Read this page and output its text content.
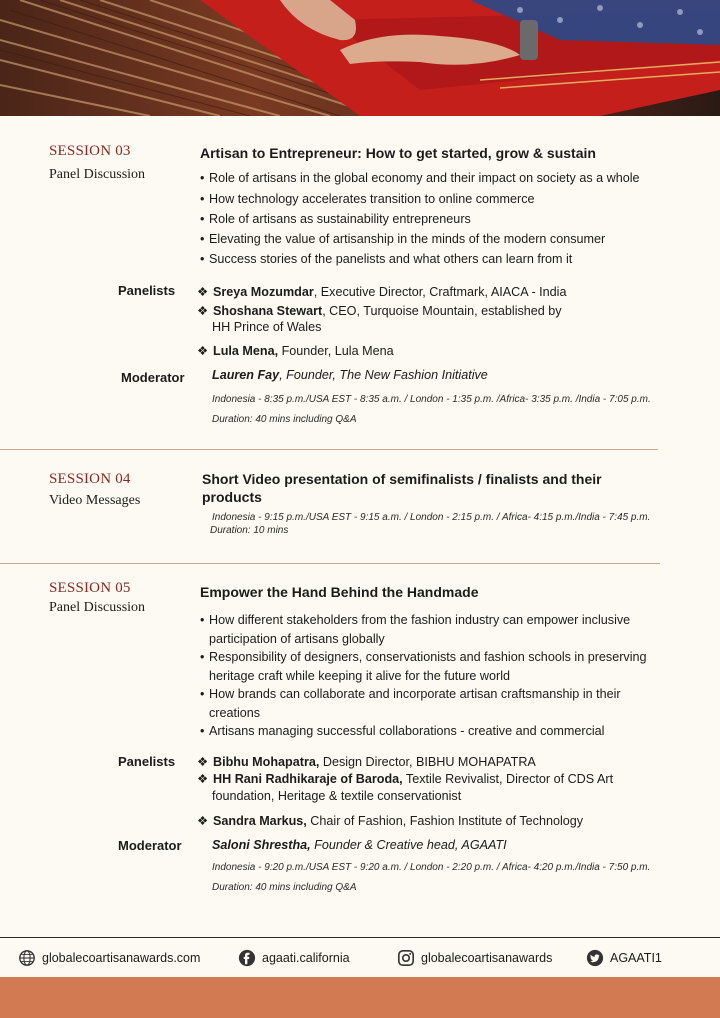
SESSION 03
Panel Discussion
Artisan to Entrepreneur: How to get started, grow & sustain
• Role of artisans in the global economy and their impact on society as a whole
• How technology accelerates transition to online commerce
• Role of artisans as sustainability entrepreneurs
• Elevating the value of artisanship in the minds of the modern consumer
• Success stories of the panelists and what others can learn from it
Panelists ❖ Sreya Mozumdar, Executive Director, Craftmark, AIACA - India
❖ Shoshana Stewart, CEO, Turquoise Mountain, established by
HH Prince of Wales
❖ Lula Mena, Founder, Lula Mena
Moderator Lauren Fay, Founder, The New Fashion Initiative
Indonesia - 8:35 p.m./USA EST - 8:35 a.m. / London - 1:35 p.m. /Africa- 3:35 p.m. /India - 7:05 p.m.
Duration: 40 mins including Q&A
SESSION 04
Video Messages
Short Video presentation of semifinalists / finalists and their
products
Indonesia - 9:15 p.m./USA EST - 9:15 a.m. / London - 2:15 p.m. / Africa- 4:15 p.m./India - 7:45 p.m.
Duration: 10 mins
SESSION 05
Panel Discussion
Empower the Hand Behind the Handmade
• How different stakeholders from the fashion industry can empower inclusive
participation of artisans globally
• Responsibility of designers, conservationists and fashion schools in preserving
heritage craft while keeping it alive for the future world
• How brands can collaborate and incorporate artisan craftsmanship in their
creations
• Artisans managing successful collaborations - creative and commercial
Panelists ❖ Bibhu Mohapatra, Design Director, BIBHU MOHAPATRA
❖ HH Rani Radhikaraje of Baroda, Textile Revivalist, Director of CDS Art
foundation, Heritage & textile conservationist
❖ Sandra Markus, Chair of Fashion, Fashion Institute of Technology
Moderator Saloni Shrestha, Founder & Creative head, AGAATI
Indonesia - 9:20 p.m./USA EST - 9:20 a.m. / London - 2:20 p.m. / Africa- 4:20 p.m./India - 7:50 p.m.
Duration: 40 mins including Q&A
globalecoartisanawards.com	agaati.california	globalecoartisanawards	AGAATI1
